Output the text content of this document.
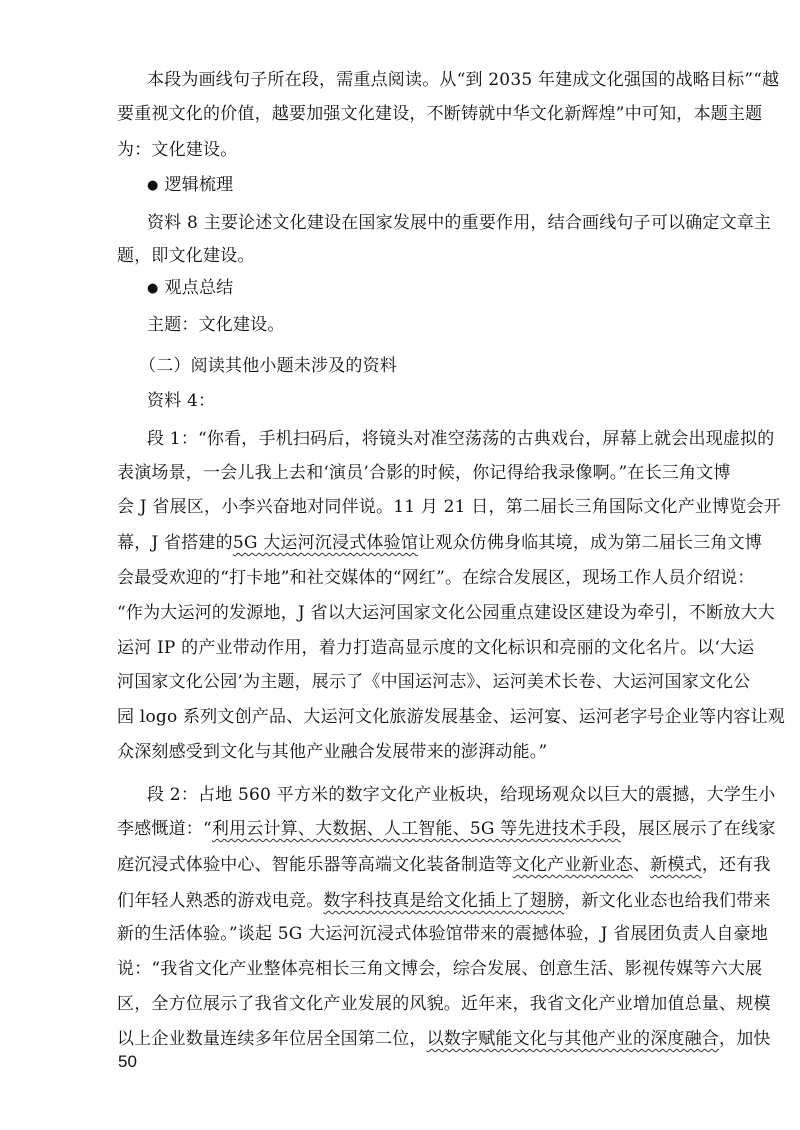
本段为画线句子所在段，需重点阅读。从“到 2035 年建成文化强国的战略目标”“越
要重视文化的价值，越要加强文化建设，不断铸就中华文化新辉煌”中可知，本题主题
为：文化建设。
● 逻辑梳理
资料 8 主要论述文化建设在国家发展中的重要作用，结合画线句子可以确定文章主
题，即文化建设。
● 观点总结
主题：文化建设。
（二）阅读其他小题未涉及的资料
资料 4：
段 1：“你看，手机扫码后，将镜头对准空荡荡的古典戏台，屏幕上就会出现虚拟的
表演场景，一会儿我上去和‘演员’合影的时候，你记得给我录像啊。”在长三角文博
会 J 省展区，小李兴奋地对同伴说。11 月 21 日，第二届长三角国际文化产业博览会开
幕，J 省搭建的5G 大运河沉浸式体验馆让观众仿佛身临其境，成为第二届长三角文博
会最受欢迎的“打卡地”和社交媒体的“网红”。在综合发展区，现场工作人员介绍说：
“作为大运河的发源地，J 省以大运河国家文化公园重点建设区建设为牵引，不断放大大
运河 IP 的产业带动作用，着力打造高显示度的文化标识和亮丽的文化名片。以‘大运
河国家文化公园’为主题，展示了《中国运河志》、运河美术长卷、大运河国家文化公
园 logo 系列文创产品、大运河文化旅游发展基金、运河宴、运河老字号企业等内容让观
众深刻感受到文化与其他产业融合发展带来的澎湃动能。”
段 2：占地 560 平方米的数字文化产业板块，给现场观众以巨大的震撼，大学生小
李感慨道：“利用云计算、大数据、人工智能、5G 等先进技术手段，展区展示了在线家
庭沉浸式体验中心、智能乐器等高端文化装备制造等文化产业新业态、新模式，还有我
们年轻人熟悉的游戏电竞。数字科技真是给文化插上了翅膀，新文化业态也给我们带来
新的生活体验。”谈起 5G 大运河沉浸式体验馆带来的震撼体验，J 省展团负责人自豪地
说：“我省文化产业整体亮相长三角文博会，综合发展、创意生活、影视传媒等六大展
区，全方位展示了我省文化产业发展的风貌。近年来，我省文化产业增加值总量、规模
以上企业数量连续多年位居全国第二位，以数字赋能文化与其他产业的深度融合，加快
50
